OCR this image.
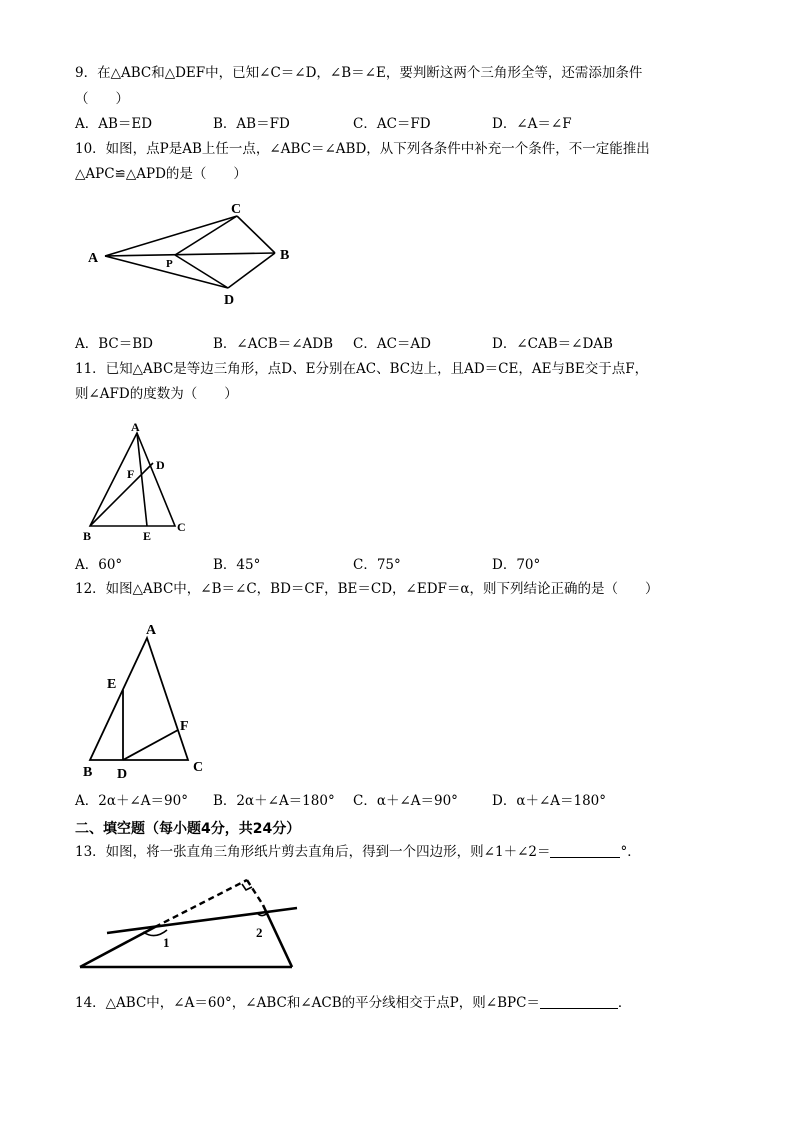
9．在△ABC和△DEF中，已知∠C＝∠D，∠B＝∠E，要判断这两个三角形全等，还需添加条件
（　　）
A．AB＝ED	B．AB＝FD	C．AC＝FD	D．∠A＝∠F
10．如图，点P是AB上任一点，∠ABC＝∠ABD，从下列各条件中补充一个条件，不一定能推出
△APC≌△APD的是（　　）
A	B
C
D
P
A．BC＝BD	B．∠ACB＝∠ADB C．AC＝AD	D．∠CAB＝∠DAB
11．已知△ABC是等边三角形，点D、E分别在AC、BC边上，且AD＝CE，AE与BE交于点F，
则∠AFD的度数为（　　）
A
B
C
D
E
F
A．60°	B．45°	C．75°	D．70°
12．如图△ABC中，∠B＝∠C，BD＝CF，BE＝CD，∠EDF＝α，则下列结论正确的是（　　）
A
B	C
D
E
F
A．2α＋∠A＝90° B．2α＋∠A＝180° C．α＋∠A＝90°	D．α＋∠A＝180°
二、填空题（每小题4分，共24分）
13．如图，将一张直角三角形纸片剪去直角后，得到一个四边形，则∠1＋∠2＝	°．
1
2
14．△ABC中，∠A＝60°，∠ABC和∠ACB的平分线相交于点P，则∠BPC＝	．
